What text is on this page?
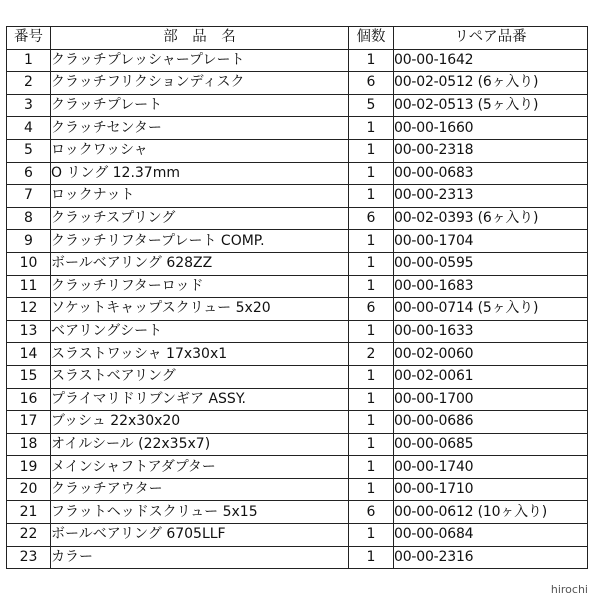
番号	部　品　名	個数	リペア品番
1	クラッチプレッシャープレート	1	00-00-1642
2	クラッチフリクションディスク	6	00-02-0512 (6ヶ入り)
3	クラッチプレート	5	00-02-0513 (5ヶ入り)
4	クラッチセンター	1	00-00-1660
5	ロックワッシャ	1	00-00-2318
6	O リング 12.37mm	1	00-00-0683
7	ロックナット	1	00-00-2313
8	クラッチスプリング	6	00-02-0393 (6ヶ入り)
9	クラッチリフタープレート COMP.	1	00-00-1704
10	ボールベアリング 628ZZ	1	00-00-0595
11	クラッチリフターロッド	1	00-00-1683
12	ソケットキャップスクリュー 5x20	6	00-00-0714 (5ヶ入り)
13	ベアリングシート	1	00-00-1633
14	スラストワッシャ 17x30x1	2	00-02-0060
15	スラストベアリング	1	00-02-0061
16	プライマリドリブンギア ASSY.	1	00-00-1700
17	ブッシュ 22x30x20	1	00-00-0686
18	オイルシール (22x35x7)	1	00-00-0685
19	メインシャフトアダプター	1	00-00-1740
20	クラッチアウター	1	00-00-1710
21	フラットヘッドスクリュー 5x15	6	00-00-0612 (10ヶ入り)
22	ボールベアリング 6705LLF	1	00-00-0684
23	カラー	1	00-00-2316
hirochi
